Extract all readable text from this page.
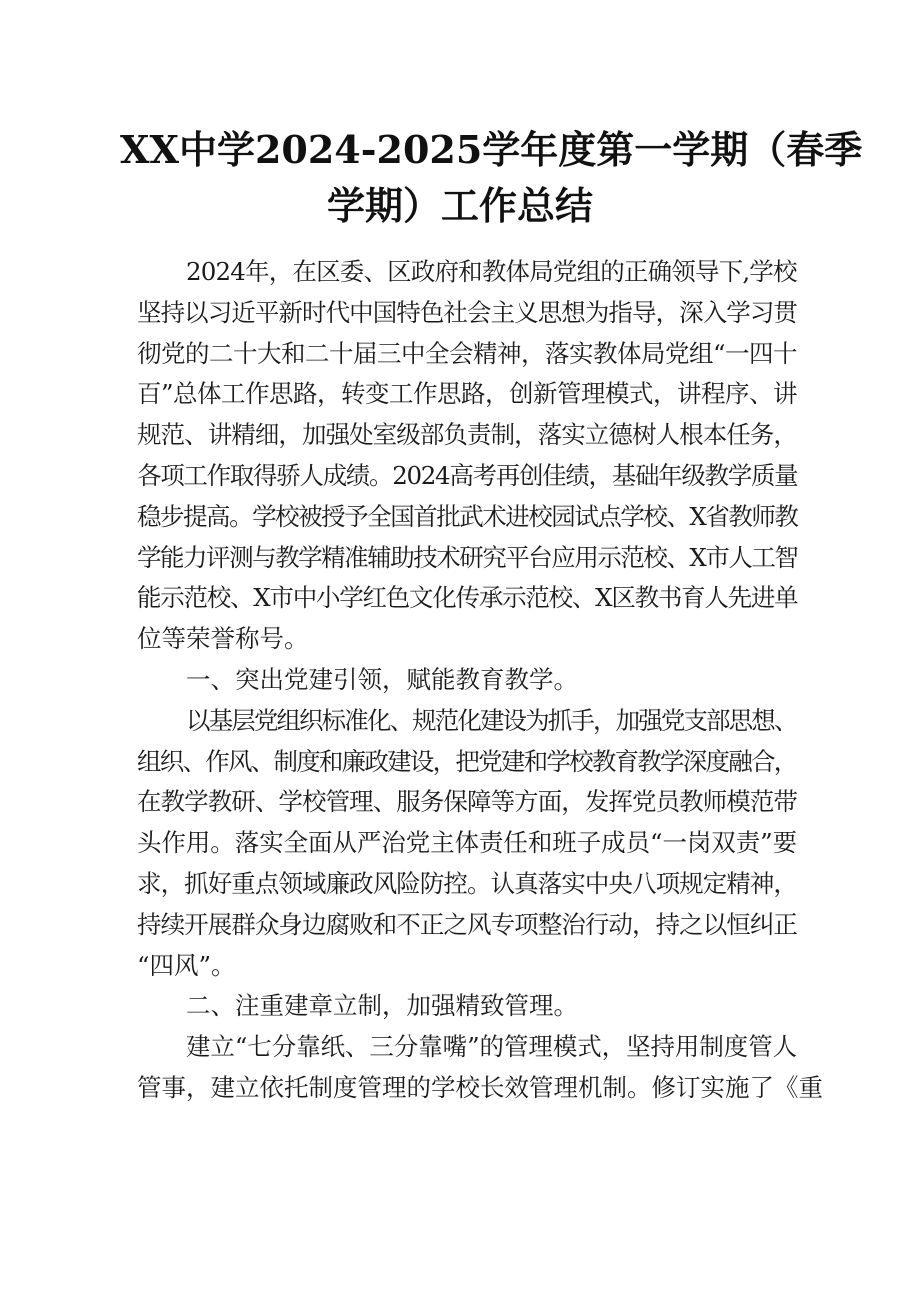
XX中学2024-2025学年度第一学期（春季
学期）工作总结

2024年，在区委、区政府和教体局党组的正确领导下,学校
坚持以习近平新时代中国特色社会主义思想为指导，深入学习贯
彻党的二十大和二十届三中全会精神，落实教体局党组“一四十
百”总体工作思路，转变工作思路，创新管理模式，讲程序、讲
规范、讲精细，加强处室级部负责制，落实立德树人根本任务，
各项工作取得骄人成绩。2024高考再创佳绩，基础年级教学质量
稳步提高。学校被授予全国首批武术进校园试点学校、X省教师教
学能力评测与教学精准辅助技术研究平台应用示范校、X市人工智
能示范校、X市中小学红色文化传承示范校、X区教书育人先进单
位等荣誉称号。

一、突出党建引领，赋能教育教学。

以基层党组织标准化、规范化建设为抓手，加强党支部思想、
组织、作风、制度和廉政建设，把党建和学校教育教学深度融合，
在教学教研、学校管理、服务保障等方面，发挥党员教师模范带
头作用。落实全面从严治党主体责任和班子成员“一岗双责”要
求，抓好重点领域廉政风险防控。认真落实中央八项规定精神，
持续开展群众身边腐败和不正之风专项整治行动，持之以恒纠正
“四风”。

二、注重建章立制，加强精致管理。

建立“七分靠纸、三分靠嘴”的管理模式，坚持用制度管人
管事，建立依托制度管理的学校长效管理机制。修订实施了《重
